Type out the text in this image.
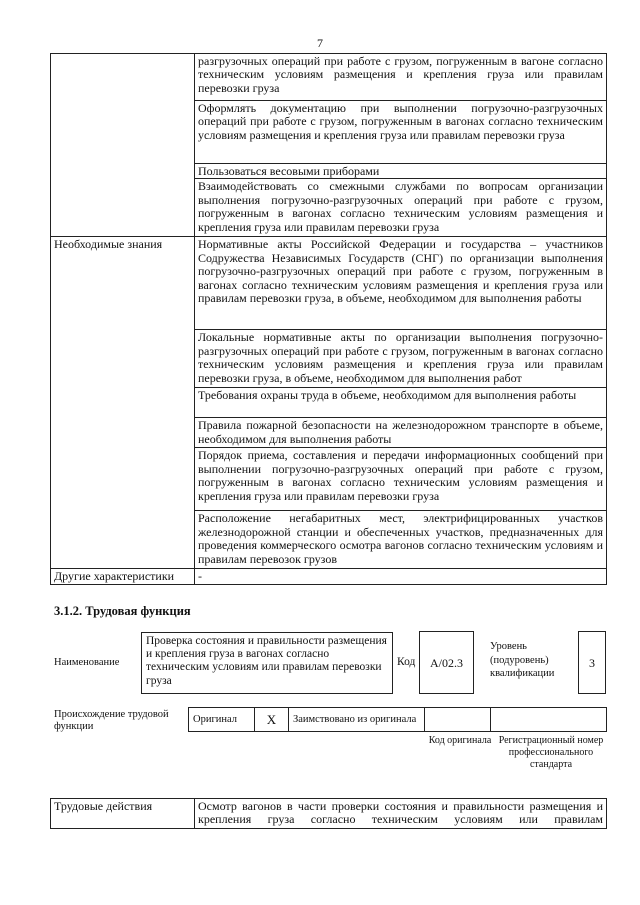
7
	разгрузочных операций при работе с грузом, погруженным в вагоне согласно техническим условиям размещения и крепления груза или правилам перевозки груза
	Оформлять документацию при выполнении погрузочно-разгрузочных операций при работе с грузом, погруженным в вагонах согласно техническим условиям размещения и крепления груза или правилам перевозки груза
	Пользоваться весовыми приборами
	Взаимодействовать со смежными службами по вопросам организации выполнения погрузочно-разгрузочных операций при работе с грузом, погруженным в вагонах согласно техническим условиям размещения и крепления груза или правилам перевозки груза
Необходимые знания	Нормативные акты Российской Федерации и государства – участников Содружества Независимых Государств (СНГ) по организации выполнения погрузочно-разгрузочных операций при работе с грузом, погруженным в вагонах согласно техническим условиям размещения и крепления груза или правилам перевозки груза, в объеме, необходимом для выполнения работы
	Локальные нормативные акты по организации выполнения погрузочно-разгрузочных операций при работе с грузом, погруженным в вагонах согласно техническим условиям размещения и крепления груза или правилам перевозки груза, в объеме, необходимом для выполнения работ
	Требования охраны труда в объеме, необходимом для выполнения работы
	Правила пожарной безопасности на железнодорожном транспорте в объеме, необходимом для выполнения работы
	Порядок приема, составления и передачи информационных сообщений при выполнении погрузочно-разгрузочных операций при работе с грузом, погруженным в вагонах согласно техническим условиям размещения и крепления груза или правилам перевозки груза
	Расположение негабаритных мест, электрифицированных участков железнодорожной станции и обеспеченных участков, предназначенных для проведения коммерческого осмотра вагонов согласно техническим условиям и правилам перевозок грузов
Другие характеристики	-
3.1.2. Трудовая функция
Наименование
Проверка состояния и правильности размещения и крепления груза в вагонах согласно техническим условиям или правилам перевозки груза
Код	A/02.3
Уровень (подуровень) квалификации
3
Происхождение трудовой функции
Оригинал	X	Заимствовано из оригинала		
Код оригинала Регистрационный номер профессионального стандарта
Трудовые действия	Осмотр вагонов в части проверки состояния и правильности размещения и крепления груза согласно техническим условиям или правилам
